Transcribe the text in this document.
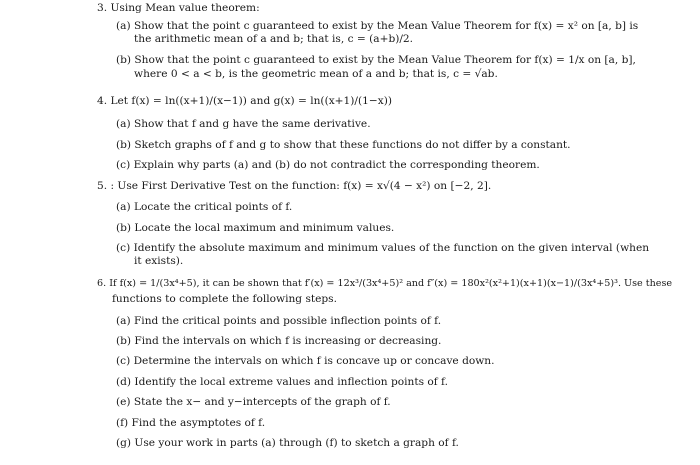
3. Using Mean value theorem:
(a) Show that the point c guaranteed to exist by the Mean Value Theorem for f(x) = x² on [a, b] is
the arithmetic mean of a and b; that is, c = (a+b)/2.
(b) Show that the point c guaranteed to exist by the Mean Value Theorem for f(x) = 1/x on [a, b],
where 0 < a < b, is the geometric mean of a and b; that is, c = √ab.
4. Let f(x) = ln((x+1)/(x−1)) and g(x) = ln((x+1)/(1−x))
(a) Show that f and g have the same derivative.
(b) Sketch graphs of f and g to show that these functions do not differ by a constant.
(c) Explain why parts (a) and (b) do not contradict the corresponding theorem.
5. : Use First Derivative Test on the function: f(x) = x√(4 − x²) on [−2, 2].
(a) Locate the critical points of f.
(b) Locate the local maximum and minimum values.
(c) Identify the absolute maximum and minimum values of the function on the given interval (when
it exists).
6. If f(x) = 1/(3x⁴+5), it can be shown that f′(x) = 12x³/(3x⁴+5)² and f″(x) = 180x²(x²+1)(x+1)(x−1)/(3x⁴+5)³. Use these
functions to complete the following steps.
(a) Find the critical points and possible inflection points of f.
(b) Find the intervals on which f is increasing or decreasing.
(c) Determine the intervals on which f is concave up or concave down.
(d) Identify the local extreme values and inflection points of f.
(e) State the x− and y−intercepts of the graph of f.
(f) Find the asymptotes of f.
(g) Use your work in parts (a) through (f) to sketch a graph of f.
